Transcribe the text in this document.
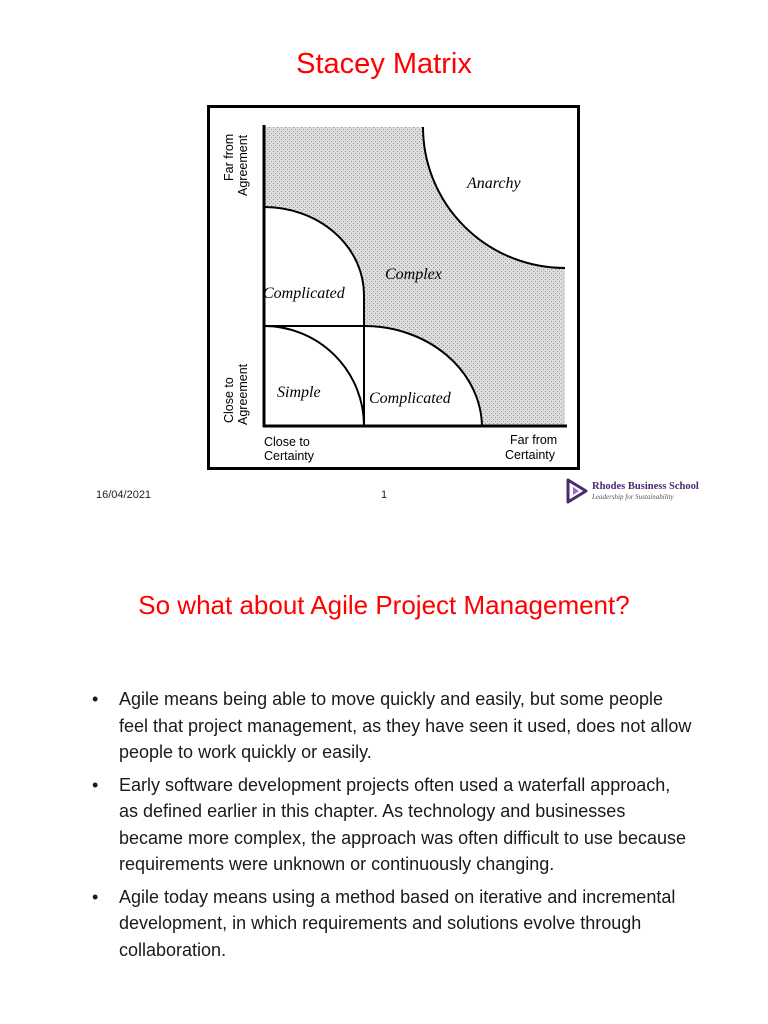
Stacey Matrix
Anarchy
Complex
Complicated
Simple	Complicated
Far from Agreement
Close to Agreement
Close to
Certainty
Far from
Certainty
16/04/2021	1
Rhodes Business School
Leadership for Sustainability
So what about Agile Project Management?
• Agile means being able to move quickly and easily, but some people feel that project management, as they have seen it used, does not allow people to work quickly or easily.
• Early software development projects often used a waterfall approach, as defined earlier in this chapter. As technology and businesses became more complex, the approach was often difficult to use because requirements were unknown or continuously changing.
• Agile today means using a method based on iterative and incremental development, in which requirements and solutions evolve through collaboration.
